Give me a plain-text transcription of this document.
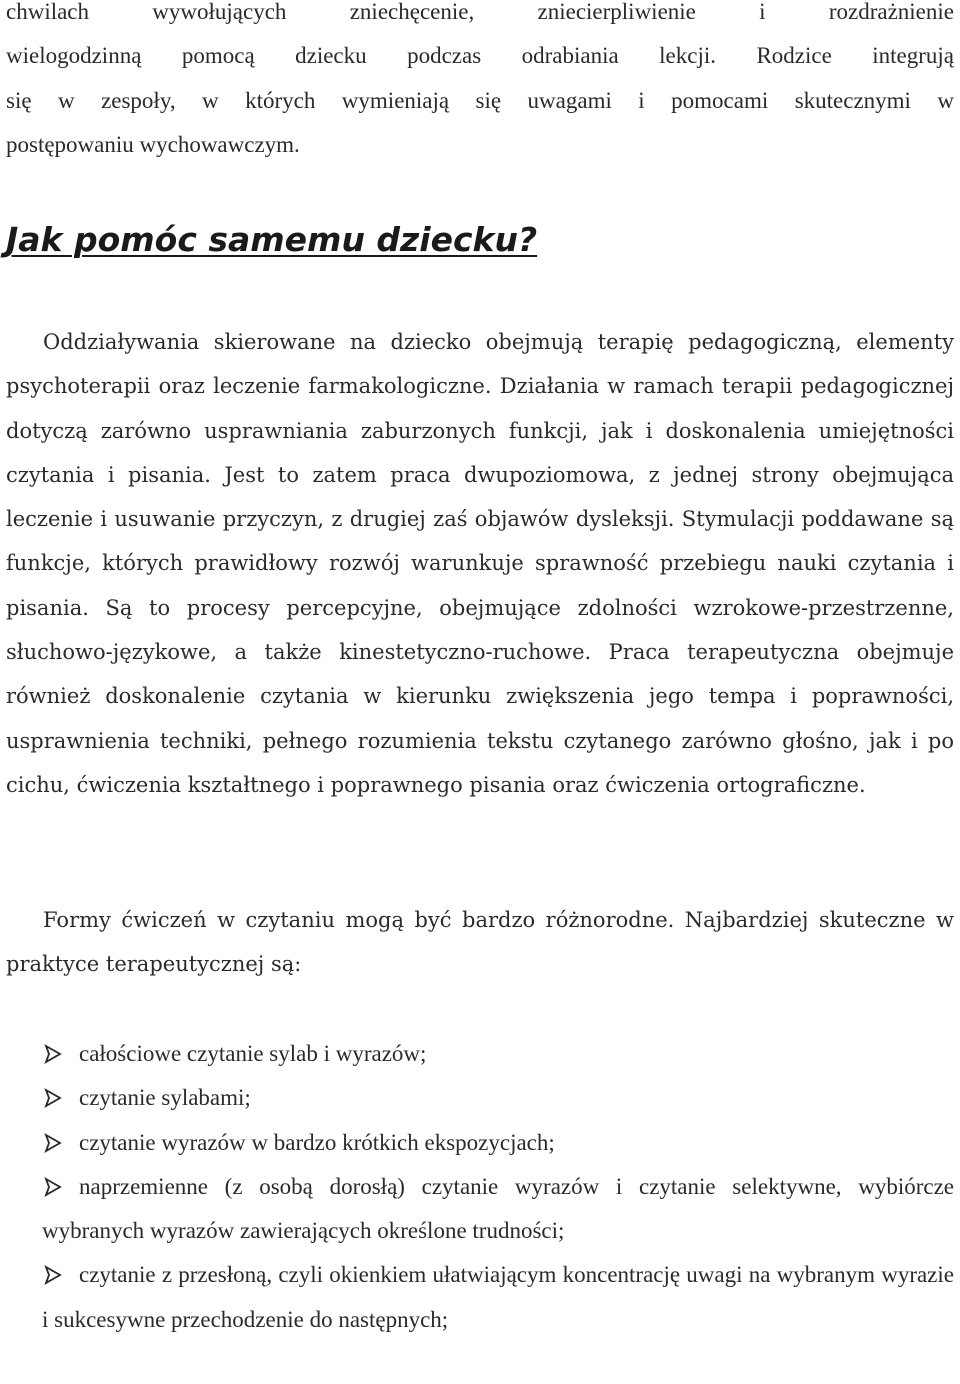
chwilach wywołujących zniechęcenie, zniecierpliwienie i rozdrażnienie
wielogodzinną pomocą dziecku podczas odrabiania lekcji. Rodzice integrują
się w zespoły, w których wymieniają się uwagami i pomocami skutecznymi w
postępowaniu wychowawczym.

Jak pomóc samemu dziecku?

Oddziaływania skierowane na dziecko obejmują terapię pedagogiczną, elementy psychoterapii oraz leczenie farmakologiczne. Działania w ramach terapii pedagogicznej dotyczą zarówno usprawniania zaburzonych funkcji, jak i doskonalenia umiejętności czytania i pisania. Jest to zatem praca dwupoziomowa, z jednej strony obejmująca leczenie i usuwanie przyczyn, z drugiej zaś objawów dysleksji. Stymulacji poddawane są funkcje, których prawidłowy rozwój warunkuje sprawność przebiegu nauki czytania i pisania. Są to procesy percepcyjne, obejmujące zdolności wzrokowe-przestrzenne, słuchowo-językowe, a także kinestetyczno-ruchowe. Praca terapeutyczna obejmuje również doskonalenie czytania w kierunku zwiększenia jego tempa i poprawności, usprawnienia techniki, pełnego rozumienia tekstu czytanego zarówno głośno, jak i po cichu, ćwiczenia kształtnego i poprawnego pisania oraz ćwiczenia ortograficzne.

Formy ćwiczeń w czytaniu mogą być bardzo różnorodne. Najbardziej skuteczne w praktyce terapeutycznej są:

całościowe czytanie sylab i wyrazów;
czytanie sylabami;
czytanie wyrazów w bardzo krótkich ekspozycjach;
naprzemienne (z osobą dorosłą) czytanie wyrazów i czytanie selektywne, wybiórcze wybranych wyrazów zawierających określone trudności;
czytanie z przesłoną, czyli okienkiem ułatwiającym koncentrację uwagi na wybranym wyrazie i sukcesywne przechodzenie do następnych;
